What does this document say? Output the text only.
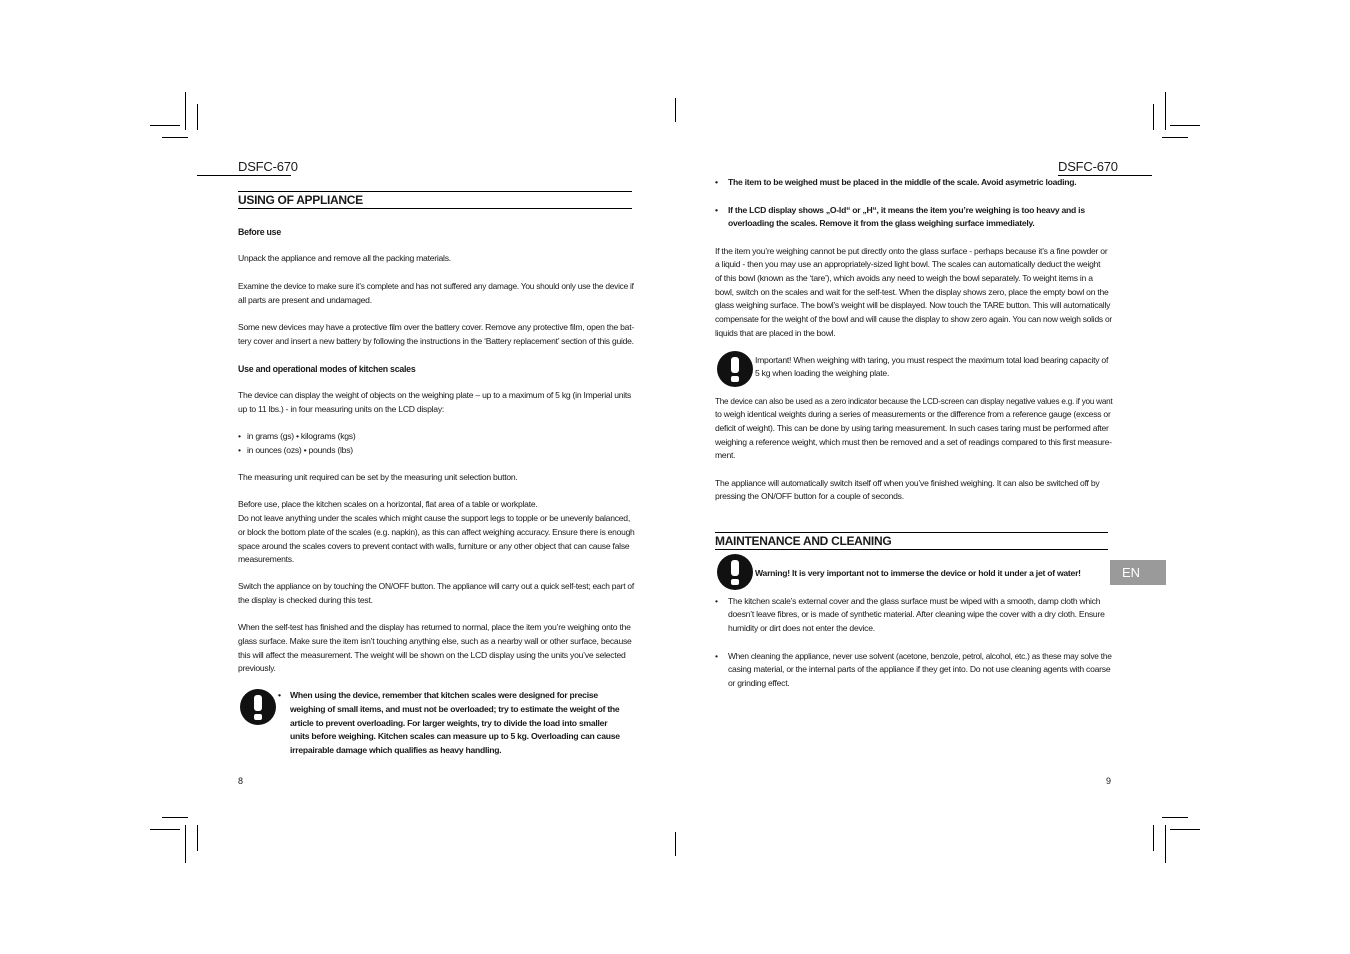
DSFC-670
USING OF APPLIANCE
Before use
Unpack the appliance and remove all the packing materials.
Examine the device to make sure it’s complete and has not suffered any damage. You should only use the device if
all parts are present and undamaged.
Some new devices may have a protective film over the battery cover. Remove any protective film, open the bat-
tery cover and insert a new battery by following the instructions in the ‘Battery replacement’ section of this guide.
Use and operational modes of kitchen scales
The device can display the weight of objects on the weighing plate – up to a maximum of 5 kg (in Imperial units
up to 11 lbs.) - in four measuring units on the LCD display:
• in grams (gs) • kilograms (kgs)
• in ounces (ozs) • pounds (lbs)
The measuring unit required can be set by the measuring unit selection button.
Before use, place the kitchen scales on a horizontal, flat area of a table or workplate.
Do not leave anything under the scales which might cause the support legs to topple or be unevenly balanced,
or block the bottom plate of the scales (e.g. napkin), as this can affect weighing accuracy. Ensure there is enough
space around the scales covers to prevent contact with walls, furniture or any other object that can cause false
measurements.
Switch the appliance on by touching the ON/OFF button. The appliance will carry out a quick self-test; each part of
the display is checked during this test.
When the self-test has finished and the display has returned to normal, place the item you’re weighing onto the
glass surface. Make sure the item isn’t touching anything else, such as a nearby wall or other surface, because
this will affect the measurement. The weight will be shown on the LCD display using the units you’ve selected
previously.
• When using the device, remember that kitchen scales were designed for precise
weighing of small items, and must not be overloaded; try to estimate the weight of the
article to prevent overloading. For larger weights, try to divide the load into smaller
units before weighing. Kitchen scales can measure up to 5 kg. Overloading can cause
irrepairable damage which qualifies as heavy handling.
8
DSFC-670
• The item to be weighed must be placed in the middle of the scale. Avoid asymetric loading.
• If the LCD display shows „O-ld“ or „H“, it means the item you’re weighing is too heavy and is
overloading the scales. Remove it from the glass weighing surface immediately.
If the item you’re weighing cannot be put directly onto the glass surface - perhaps because it’s a fine powder or
a liquid - then you may use an appropriately-sized light bowl. The scales can automatically deduct the weight
of this bowl (known as the ‘tare’), which avoids any need to weigh the bowl separately. To weight items in a
bowl, switch on the scales and wait for the self-test. When the display shows zero, place the empty bowl on the
glass weighing surface. The bowl’s weight will be displayed. Now touch the TARE button. This will automatically
compensate for the weight of the bowl and will cause the display to show zero again. You can now weigh solids or
liquids that are placed in the bowl.
Important! When weighing with taring, you must respect the maximum total load bearing capacity of
5 kg when loading the weighing plate.
The device can also be used as a zero indicator because the LCD-screen can display negative values e.g. if you want
to weigh identical weights during a series of measurements or the difference from a reference gauge (excess or
deficit of weight). This can be done by using taring measurement. In such cases taring must be performed after
weighing a reference weight, which must then be removed and a set of readings compared to this first measure-
ment.
The appliance will automatically switch itself off when you’ve finished weighing. It can also be switched off by
pressing the ON/OFF button for a couple of seconds.
MAINTENANCE AND CLEANING
Warning! It is very important not to immerse the device or hold it under a jet of water!
• The kitchen scale’s external cover and the glass surface must be wiped with a smooth, damp cloth which
doesn’t leave fibres, or is made of synthetic material. After cleaning wipe the cover with a dry cloth. Ensure
humidity or dirt does not enter the device.
• When cleaning the appliance, never use solvent (acetone, benzole, petrol, alcohol, etc.) as these may solve the
casing material, or the internal parts of the appliance if they get into. Do not use cleaning agents with coarse
or grinding effect.
9
EN
